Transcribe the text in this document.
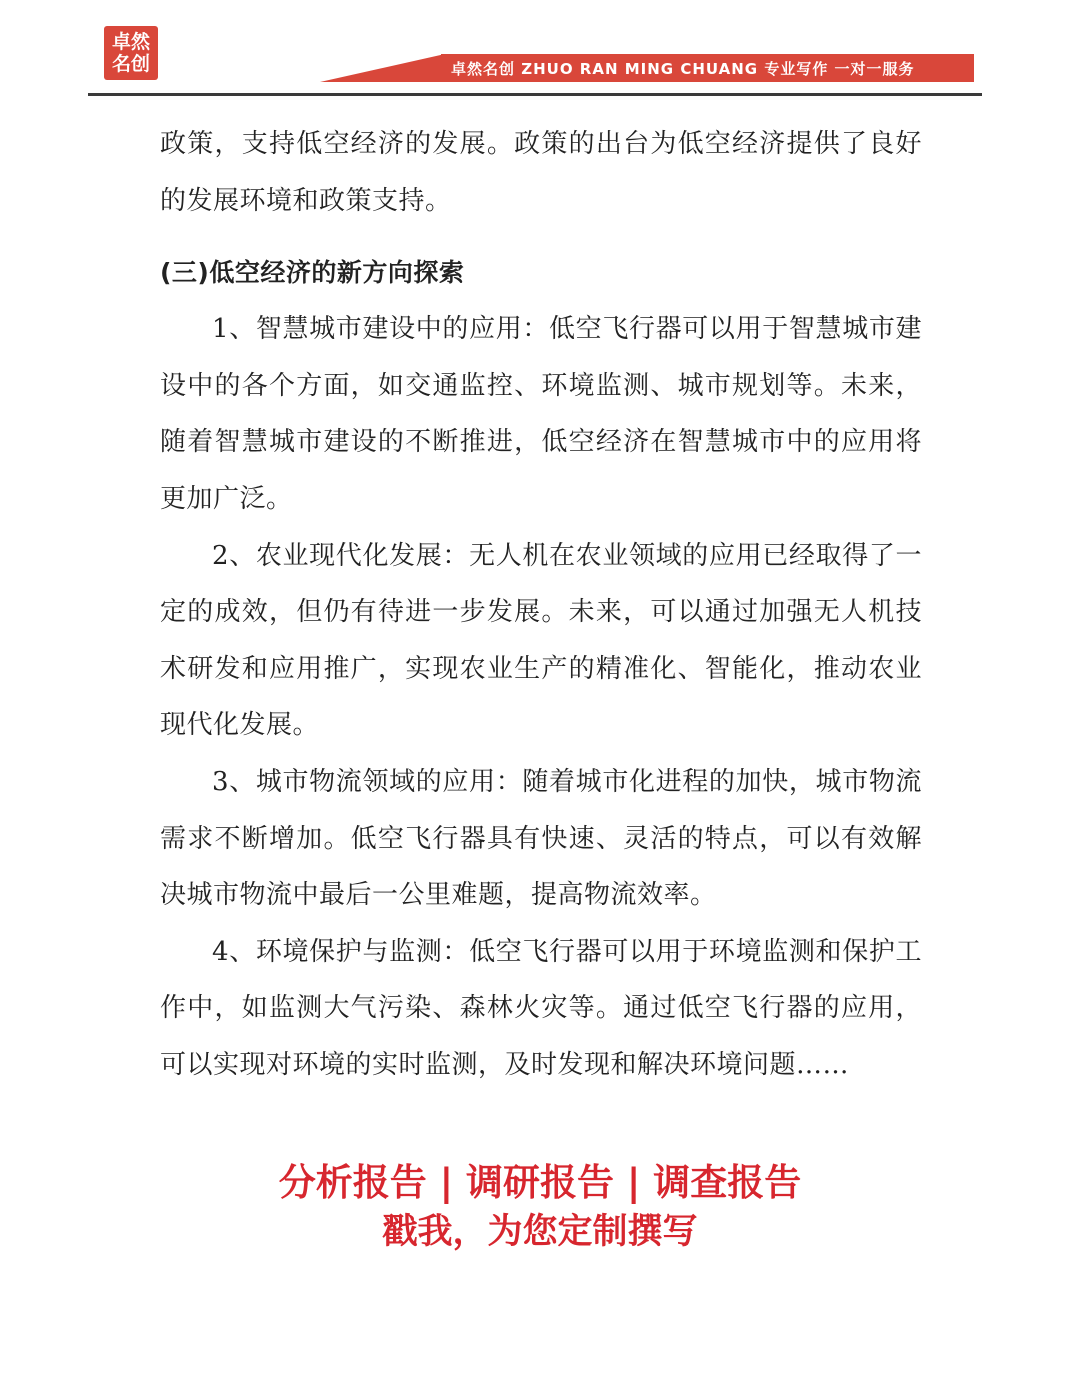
卓然
名创	卓然名创 ZHUO RAN MING CHUANG 专业写作 一对一服务

政策，支持低空经济的发展。政策的出台为低空经济提供了良好的发展环境和政策支持。

(三)低空经济的新方向探索

1、智慧城市建设中的应用：低空飞行器可以用于智慧城市建设中的各个方面，如交通监控、环境监测、城市规划等。未来，随着智慧城市建设的不断推进，低空经济在智慧城市中的应用将更加广泛。

2、农业现代化发展：无人机在农业领域的应用已经取得了一定的成效，但仍有待进一步发展。未来，可以通过加强无人机技术研发和应用推广，实现农业生产的精准化、智能化，推动农业现代化发展。

3、城市物流领域的应用：随着城市化进程的加快，城市物流需求不断增加。低空飞行器具有快速、灵活的特点，可以有效解决城市物流中最后一公里难题，提高物流效率。

4、环境保护与监测：低空飞行器可以用于环境监测和保护工作中，如监测大气污染、森林火灾等。通过低空飞行器的应用，可以实现对环境的实时监测，及时发现和解决环境问题……

分析报告 | 调研报告 | 调查报告
戳我，为您定制撰写
